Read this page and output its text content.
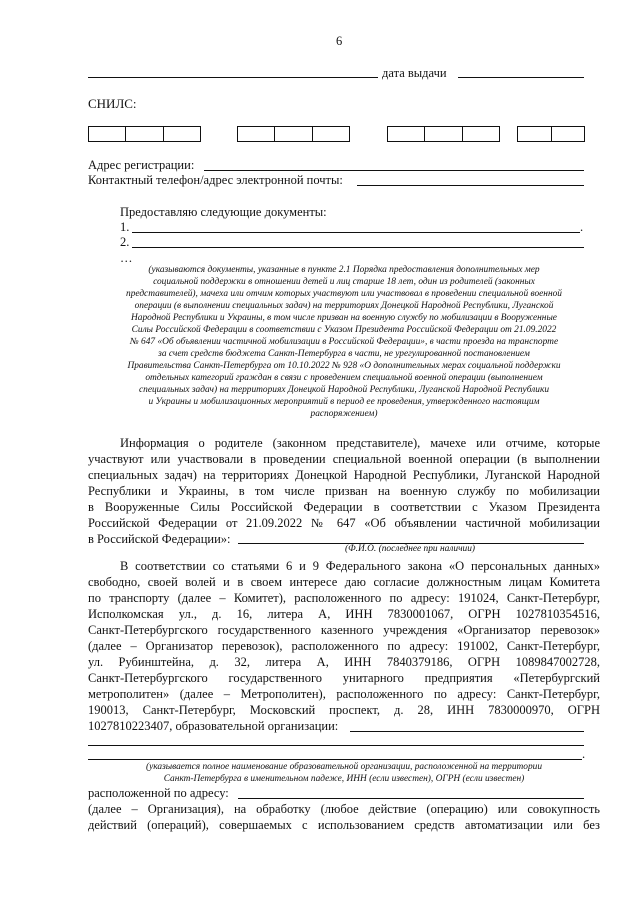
6
дата выдачи
СНИЛС:
Адрес регистрации:
Контактный телефон/адрес электронной почты:
Предоставляю следующие документы:
1.	.
2.
…
(указываются документы, указанные в пункте 2.1 Порядка предоставления дополнительных мер
социальной поддержки в отношении детей и лиц старше 18 лет, один из родителей (законных
представителей), мачеха или отчим которых участвуют или участвовал в проведении специальной военной
операции (в выполнении специальных задач) на территориях Донецкой Народной Республики, Луганской
Народной Республики и Украины, в том числе призван на военную службу по мобилизации в Вооруженные
Силы Российской Федерации в соответствии с Указом Президента Российской Федерации от 21.09.2022
№ 647 «Об объявлении частичной мобилизации в Российской Федерации», в части проезда на транспорте
за счет средств бюджета Санкт-Петербурга в части, не урегулированной постановлением
Правительства Санкт-Петербурга от 10.10.2022 № 928 «О дополнительных мерах социальной поддержки
отдельных категорий граждан в связи с проведением специальной военной операции (выполнением
специальных задач) на территориях Донецкой Народной Республики, Луганской Народной Республики
и Украины и мобилизационных мероприятий в период ее проведения, утвержденного настоящим
распоряжением)
Информация о родителе (законном представителе), мачехе или отчиме, которые
участвуют или участвовали в проведении специальной военной операции (в выполнении
специальных задач) на территориях Донецкой Народной Республики, Луганской Народной
Республики и Украины, в том числе призван на военную службу по мобилизации
в Вооруженные Силы Российской Федерации в соответствии с Указом Президента
Российской Федерации от 21.09.2022 № 647 «Об объявлении частичной мобилизации
в Российской Федерации»:
(Ф.И.О. (последнее при наличии)
В соответствии со статьями 6 и 9 Федерального закона «О персональных данных»
свободно, своей волей и в своем интересе даю согласие должностным лицам Комитета
по транспорту (далее – Комитет), расположенного по адресу: 191024, Санкт-Петербург,
Исполкомская ул., д. 16, литера А, ИНН 7830001067, ОГРН 1027810354516,
Санкт-Петербургского государственного казенного учреждения «Организатор перевозок»
(далее – Организатор перевозок), расположенного по адресу: 191002, Санкт-Петербург,
ул. Рубинштейна, д. 32, литера А, ИНН 7840379186, ОГРН 1089847002728,
Санкт-Петербургского государственного унитарного предприятия «Петербургский
метрополитен» (далее – Метрополитен), расположенного по адресу: Санкт-Петербург,
190013, Санкт-Петербург, Московский проспект, д. 28, ИНН 7830000970, ОГРН
1027810223407, образовательной организации:
.
(указывается полное наименование образовательной организации, расположенной на территории
Санкт-Петербурга в именительном падеже, ИНН (если известен), ОГРН (если известен)
расположенной по адресу:
(далее – Организация), на обработку (любое действие (операцию) или совокупность
действий (операций), совершаемых с использованием средств автоматизации или без
